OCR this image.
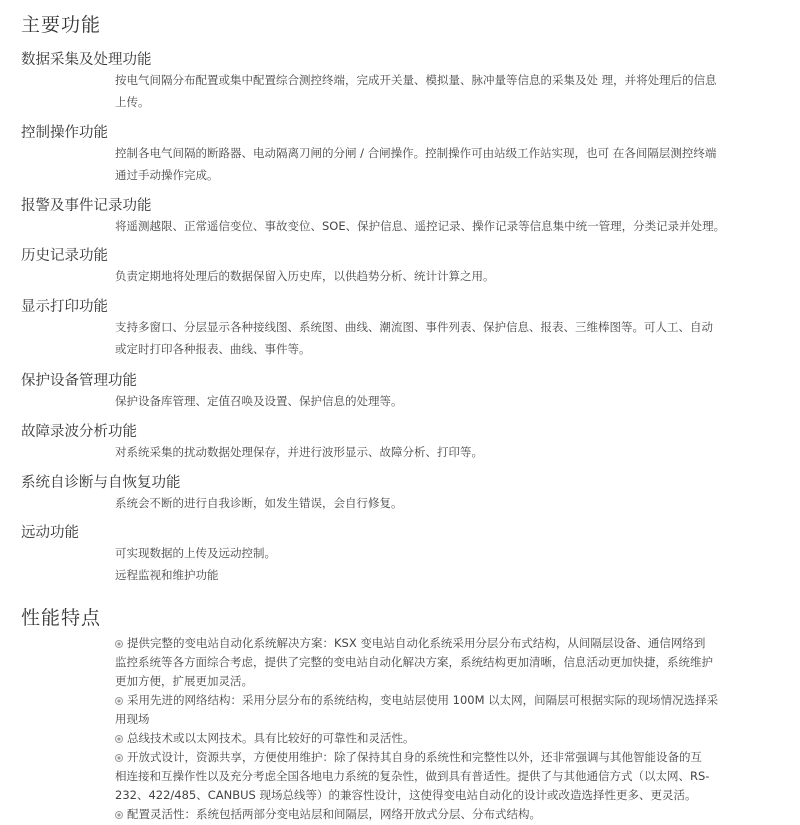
主要功能
数据采集及处理功能

按电气间隔分布配置或集中配置综合测控终端，完成开关量、模拟量、脉冲量等信息的采集及处 理，并将处理后的信息
上传。

控制操作功能

控制各电气间隔的断路器、电动隔离刀闸的分闸 / 合闸操作。控制操作可由站级工作站实现，也可 在各间隔层测控终端
通过手动操作完成。

报警及事件记录功能

将遥测越限、正常遥信变位、事故变位、SOE、保护信息、遥控记录、操作记录等信息集中统一管理，分类记录并处理。

历史记录功能

负责定期地将处理后的数据保留入历史库，以供趋势分析、统计计算之用。

显示打印功能

支持多窗口、分层显示各种接线图、系统图、曲线、潮流图、事件列表、保护信息、报表、三维棒图等。可人工、自动
或定时打印各种报表、曲线、事件等。

保护设备管理功能

保护设备库管理、定值召唤及设置、保护信息的处理等。

故障录波分析功能

对系统采集的扰动数据处理保存，并进行波形显示、故障分析、打印等。

系统自诊断与自恢复功能

系统会不断的进行自我诊断，如发生错误，会自行修复。

远动功能

可实现数据的上传及远动控制。
远程监视和维护功能

性能特点

提供完整的变电站自动化系统解决方案：KSX 变电站自动化系统采用分层分布式结构，从间隔层设备、通信网络到
监控系统等各方面综合考虑，提供了完整的变电站自动化解决方案，系统结构更加清晰，信息活动更加快捷，系统维护
更加方便，扩展更加灵活。

采用先进的网络结构：采用分层分布的系统结构，变电站层使用 100M 以太网，间隔层可根据实际的现场情况选择采
用现场

总线技术或以太网技术。具有比较好的可靠性和灵活性。

开放式设计，资源共享，方便使用维护：除了保持其自身的系统性和完整性以外，还非常强调与其他智能设备的互
相连接和互操作性以及充分考虑全国各地电力系统的复杂性，做到具有普适性。提供了与其他通信方式（以太网、RS-
232、422/485、CANBUS 现场总线等）的兼容性设计，这使得变电站自动化的设计或改造选择性更多、更灵活。

配置灵活性：系统包括两部分变电站层和间隔层，网络开放式分层、分布式结构。
